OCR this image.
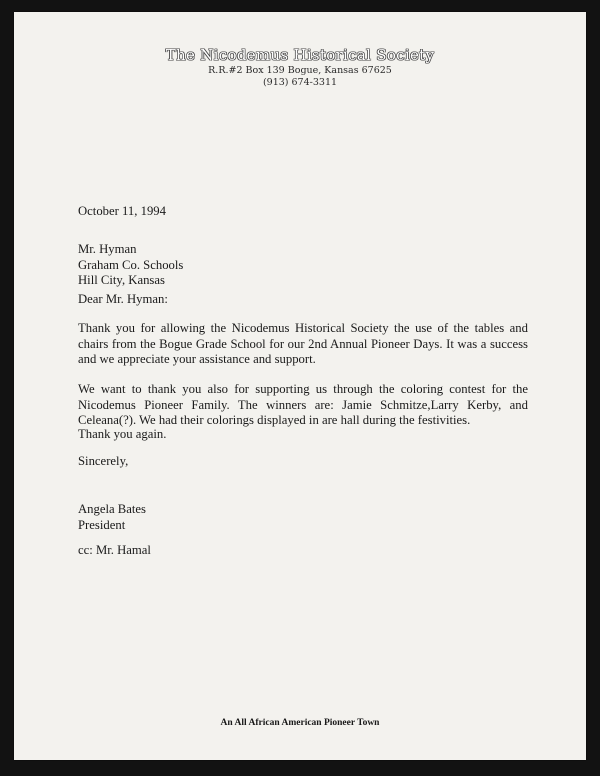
The Nicodemus Historical Society
R.R.#2 Box 139 Bogue, Kansas 67625
(913) 674-3311
October 11, 1994
Mr. Hyman
Graham Co. Schools
Hill City, Kansas
Dear Mr. Hyman:
Thank you for allowing the Nicodemus Historical Society the use of the tables and chairs from the Bogue Grade School for our 2nd Annual Pioneer Days. It was a success and we appreciate your assistance and support.
We want to thank you also for supporting us through the coloring contest for the Nicodemus Pioneer Family. The winners are: Jamie Schmitze,Larry Kerby, and Celeana(?). We had their colorings displayed in are hall during the festivities.
Thank you again.
Sincerely,
Angela Bates
President
cc: Mr. Hamal
An All African American Pioneer Town
